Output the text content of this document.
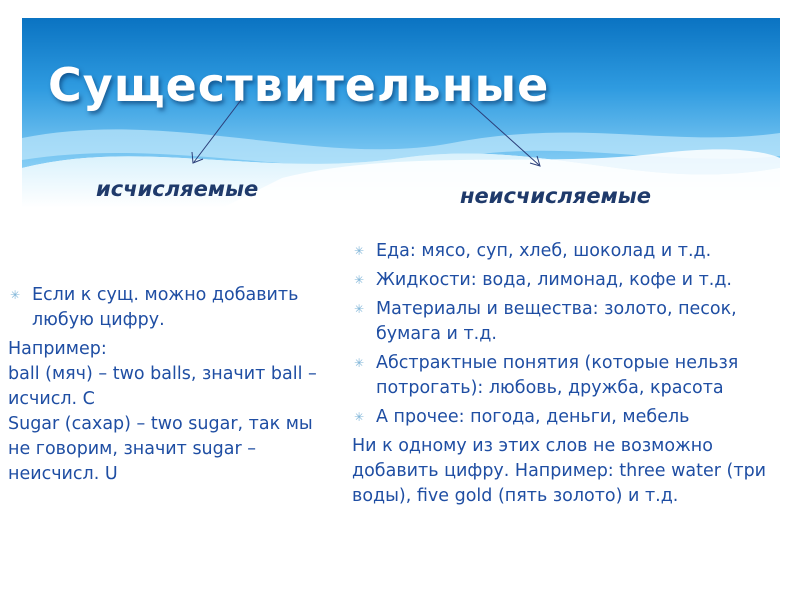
Существительные
исчисляемые	неисчисляемые
✳ Если к сущ. можно добавить любую цифру.

Например:

ball (мяч) – two balls, значит ball – исчисл. C

Sugar (сахар) – two sugar, так мы не говорим, значит sugar – неисчисл. U

✳ Еда: мясо, суп, хлеб, шоколад и т.д.
✳ Жидкости: вода, лимонад, кофе и т.д.
✳ Материалы и вещества: золото, песок, бумага и т.д.
✳ Абстрактные понятия (которые нельзя потрогать): любовь, дружба, красота
✳ А прочее: погода, деньги, мебель

Ни к одному из этих слов не возможно добавить цифру. Например: three water (три воды), five gold (пять золото) и т.д.
